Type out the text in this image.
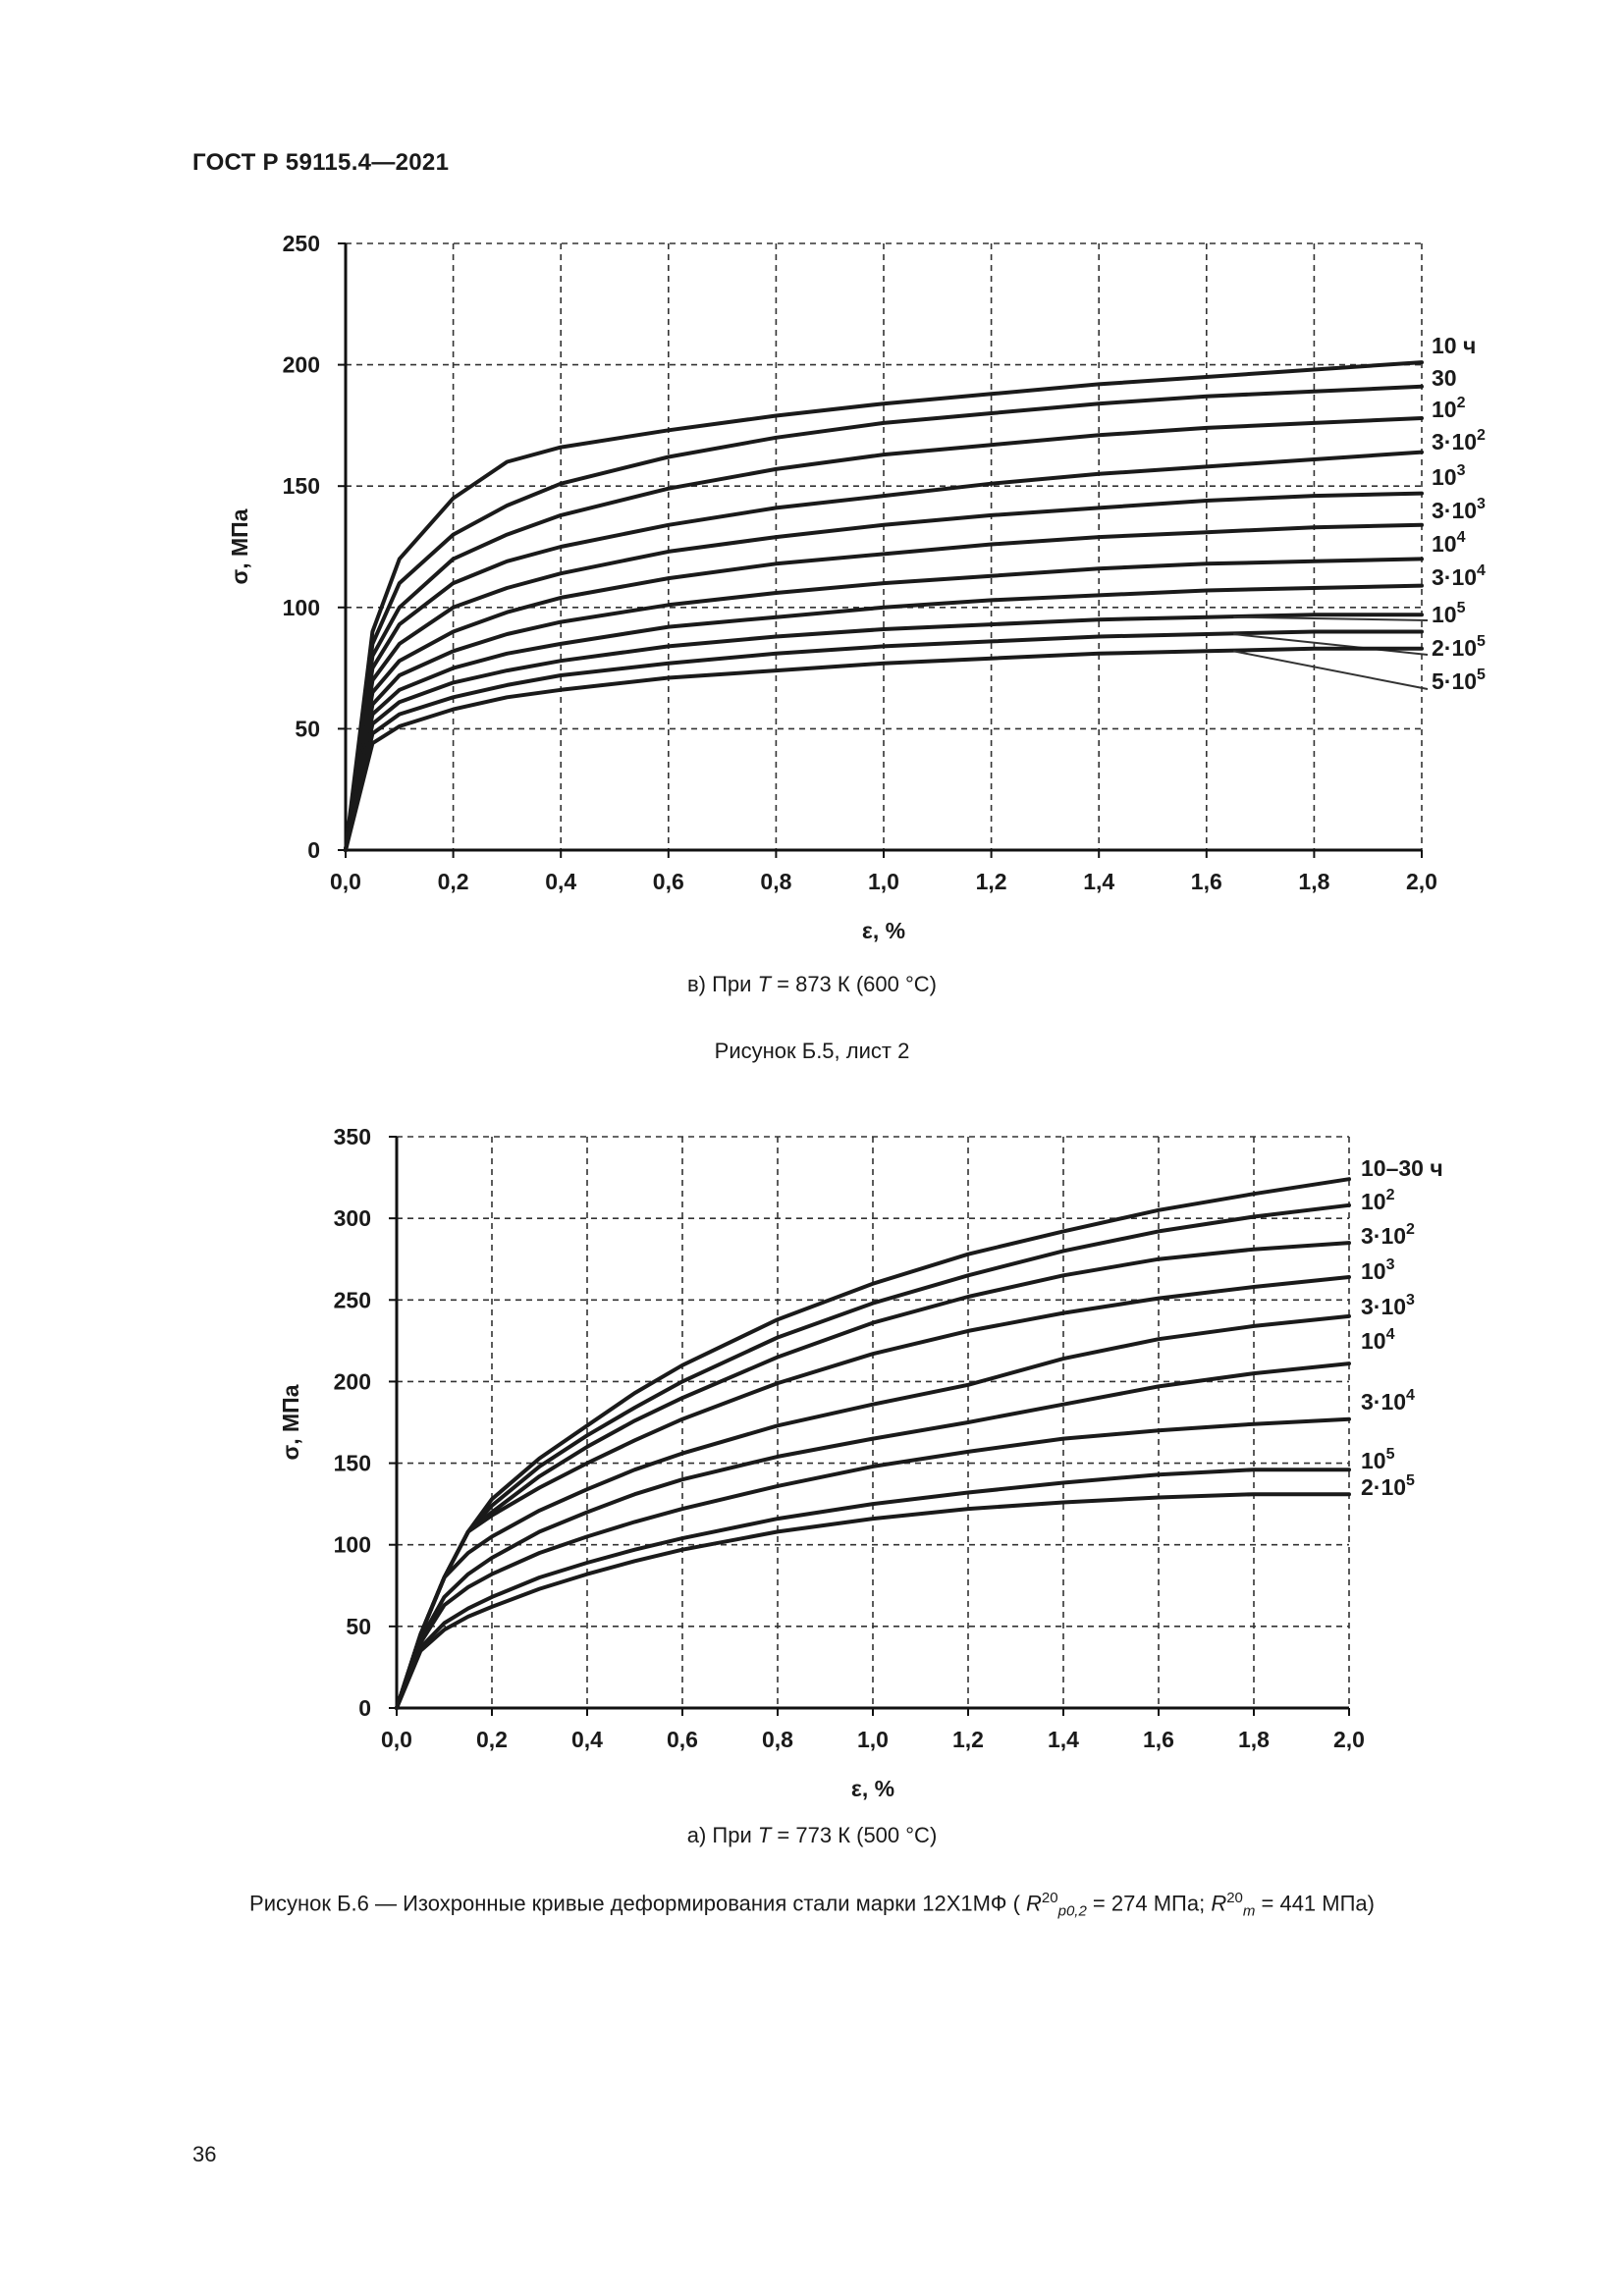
ГОСТ Р 59115.4—2021
0,0	0,2	0,4	0,6	0,8	1,0	1,2	1,4	1,6	1,8	2,0
0
50
100
150
200
250
ε, %
σ, МПа
10 ч
30
$10^2$
$3\cdot 10^2$
$10^3$
$3\cdot 10^3$
$10^4$
$3\cdot 10^4$
$10^5$
$2\cdot 10^5$
$5\cdot 10^5$
в) При T = 873 К (600 °С)
Рисунок Б.5, лист 2
0,0	0,2	0,4	0,6	0,8	1,0	1,2	1,4	1,6	1,8	2,0
0
50
100
150
200
250
300
350
ε, %
σ, МПа
10–30 ч
$10^2$
$3\cdot 10^2$
$10^3$
$3\cdot 10^3$
$10^4$
$3\cdot 10^4$
$10^5$
$2\cdot 10^5$
а) При T = 773 К (500 °С)
Рисунок Б.6 — Изохронные кривые деформирования стали марки 12Х1МФ ( $R^{20}_{p0,2} = 274$ МПа; $R^{20}_m = 441$ МПа)
36
